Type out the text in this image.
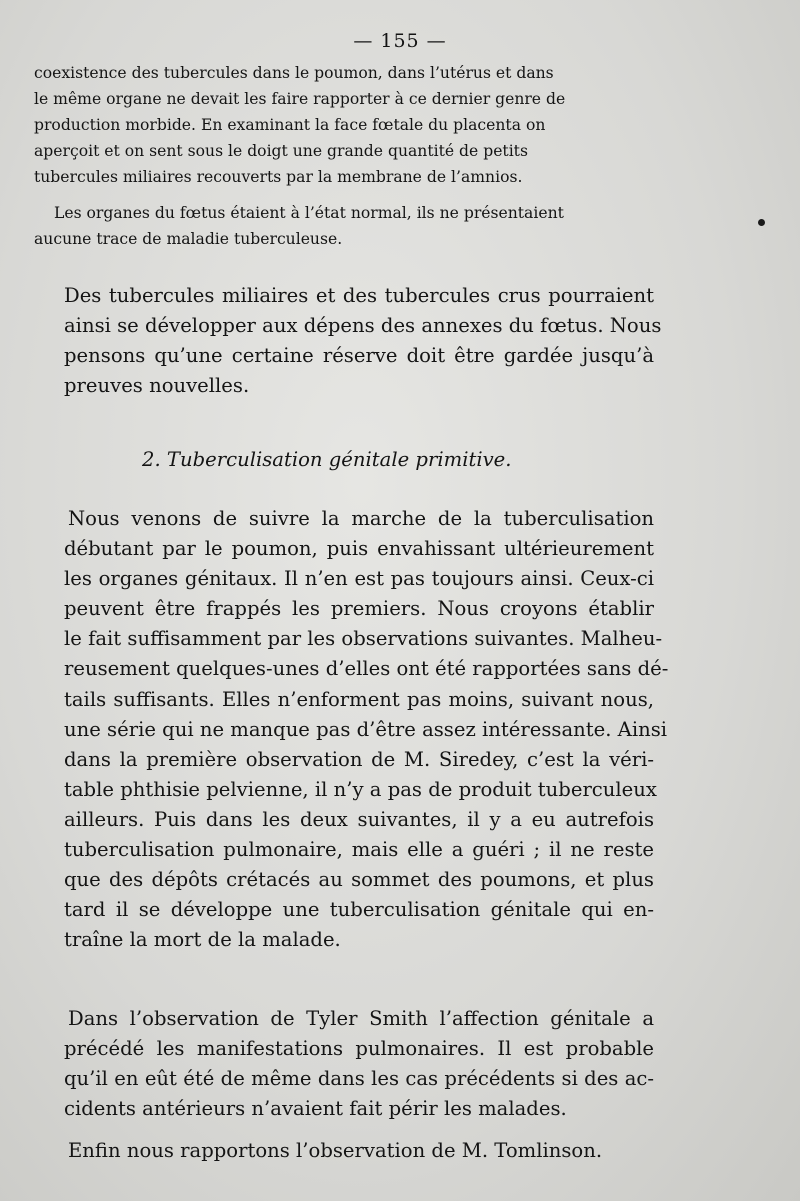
— 155 —
coexistence des tubercules dans le poumon, dans l’utérus et dans
le même organe ne devait les faire rapporter à ce dernier genre de
production morbide. En examinant la face fœtale du placenta on
aperçoit et on sent sous le doigt une grande quantité de petits
tubercules miliaires recouverts par la membrane de l’amnios.
Les organes du fœtus étaient à l’état normal, ils ne présentaient
aucune trace de maladie tuberculeuse.
Des tubercules miliaires et des tubercules crus pourraient
ainsi se développer aux dépens des annexes du fœtus. Nous
pensons qu’une certaine réserve doit être gardée jusqu’à
preuves nouvelles.
2. Tuberculisation génitale primitive.
Nous venons de suivre la marche de la tuberculisation
débutant par le poumon, puis envahissant ultérieurement
les organes génitaux. Il n’en est pas toujours ainsi. Ceux-ci
peuvent être frappés les premiers. Nous croyons établir
le fait suffisamment par les observations suivantes. Malheu-
reusement quelques-unes d’elles ont été rapportées sans dé-
tails suffisants. Elles n’enforment pas moins, suivant nous,
une série qui ne manque pas d’être assez intéressante. Ainsi
dans la première observation de M. Siredey, c’est la véri-
table phthisie pelvienne, il n’y a pas de produit tuberculeux
ailleurs. Puis dans les deux suivantes, il y a eu autrefois
tuberculisation pulmonaire, mais elle a guéri ; il ne reste
que des dépôts crétacés au sommet des poumons, et plus
tard il se développe une tuberculisation génitale qui en-
traîne la mort de la malade.
Dans l’observation de Tyler Smith l’affection génitale a
précédé les manifestations pulmonaires. Il est probable
qu’il en eût été de même dans les cas précédents si des ac-
cidents antérieurs n’avaient fait périr les malades.
Enfin nous rapportons l’observation de M. Tomlinson.
